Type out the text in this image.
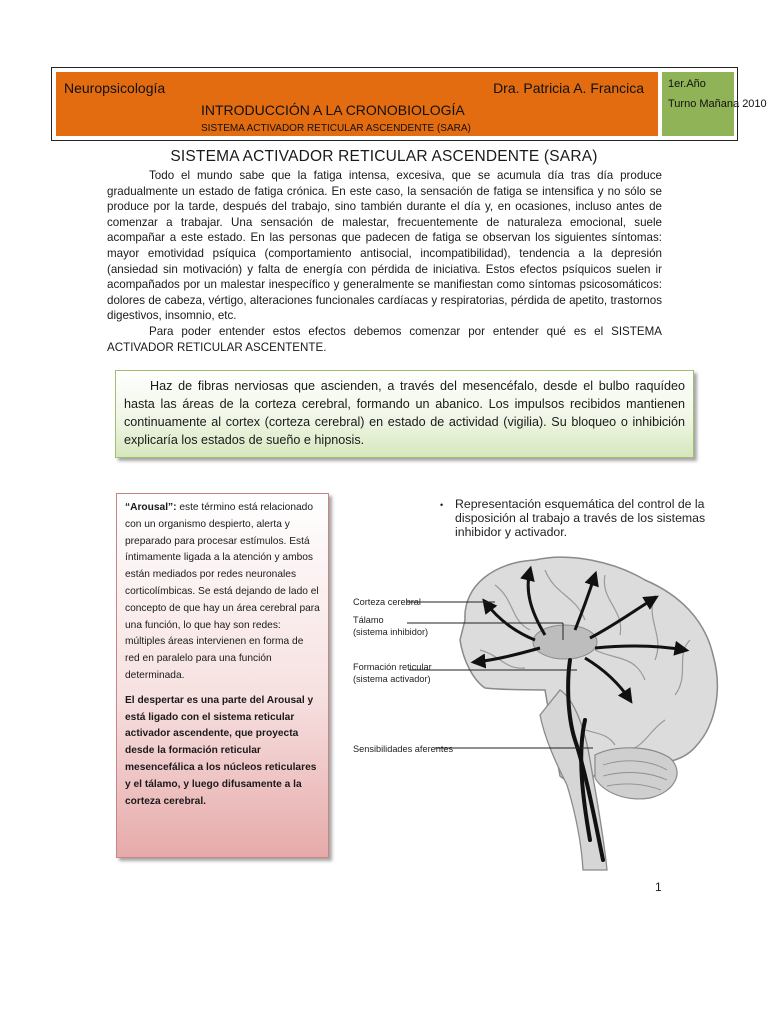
Neuropsicología	Dra. Patricia A. Francica
INTRODUCCIÓN A LA CRONOBIOLOGÍA
SISTEMA ACTIVADOR RETICULAR ASCENDENTE (SARA)
1er.Año
Turno Mañana 2010
SISTEMA ACTIVADOR RETICULAR ASCENDENTE (SARA)

Todo el mundo sabe que la fatiga intensa, excesiva, que se acumula día tras día produce gradualmente un estado de fatiga crónica. En este caso, la sensación de fatiga se intensifica y no sólo se produce por la tarde, después del trabajo, sino también durante el día y, en ocasiones, incluso antes de comenzar a trabajar. Una sensación de malestar, frecuentemente de naturaleza emocional, suele acompañar a este estado. En las personas que padecen de fatiga se observan los siguientes síntomas: mayor emotividad psíquica (comportamiento antisocial, incompatibilidad), tendencia a la depresión (ansiedad sin motivación) y falta de energía con pérdida de iniciativa. Estos efectos psíquicos suelen ir acompañados por un malestar inespecífico y generalmente se manifiestan como síntomas psicosomáticos: dolores de cabeza, vértigo, alteraciones funcionales cardíacas y respiratorias, pérdida de apetito, trastornos digestivos, insomnio, etc.

Para poder entender estos efectos debemos comenzar por entender qué es el SISTEMA ACTIVADOR RETICULAR ASCENTENTE.

Haz de fibras nerviosas que ascienden, a través del mesencéfalo, desde el bulbo raquídeo hasta las áreas de la corteza cerebral, formando un abanico. Los impulsos recibidos mantienen continuamente al cortex (corteza cerebral) en estado de actividad (vigilia). Su bloqueo o inhibición explicaría los estados de sueño e hipnosis.

“Arousal”: este término está relacionado con un organismo despierto, alerta y preparado para procesar estímulos. Está íntimamente ligada a la atención y ambos están mediados por redes neuronales corticolímbicas. Se está dejando de lado el concepto de que hay un área cerebral para una función, lo que hay son redes: múltiples áreas intervienen en forma de red en paralelo para una función determinada.

El despertar es una parte del Arousal y está ligado con el sistema reticular activador ascendente, que proyecta desde la formación reticular mesencefálica a los núcleos reticulares y el tálamo, y luego difusamente a la corteza cerebral.

• Representación esquemática del control de la disposición al trabajo a través de los sistemas inhibidor y activador.
Corteza cerebral
Tálamo
(sistema inhibidor)
Formación reticular
(sistema activador)
Sensibilidades aferentes
1
